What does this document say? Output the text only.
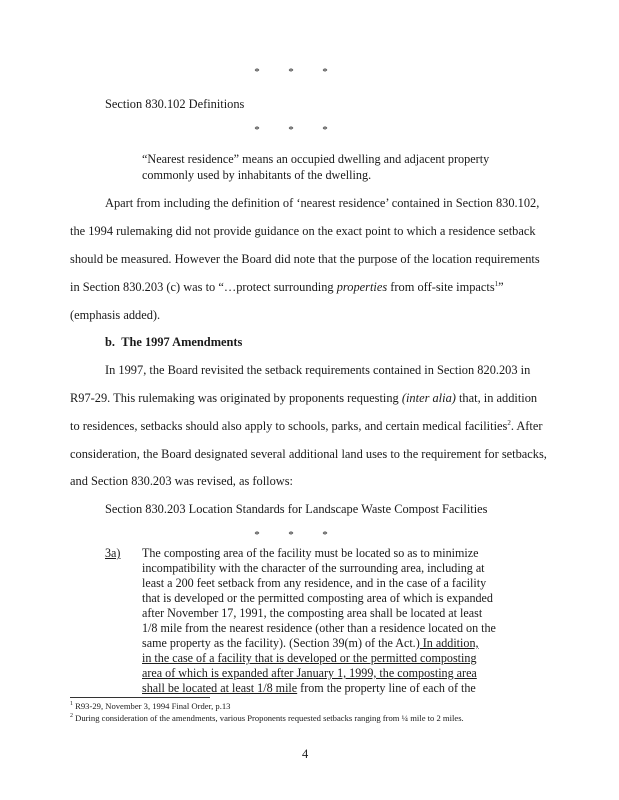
*	*	*
Section 830.102 Definitions
*	*	*
“Nearest residence” means an occupied dwelling and adjacent property
commonly used by inhabitants of the dwelling.
Apart from including the definition of ‘nearest residence’ contained in Section 830.102,
the 1994 rulemaking did not provide guidance on the exact point to which a residence setback
should be measured. However the Board did note that the purpose of the location requirements
in Section 830.203 (c) was to “…protect surrounding properties from off-site impacts$^1$”
(emphasis added).
b. The 1997 Amendments
In 1997, the Board revisited the setback requirements contained in Section 820.203 in
R97-29. This rulemaking was originated by proponents requesting (inter alia) that, in addition
to residences, setbacks should also apply to schools, parks, and certain medical facilities$^2$. After
consideration, the Board designated several additional land uses to the requirement for setbacks,
and Section 830.203 was revised, as follows:
Section 830.203 Location Standards for Landscape Waste Compost Facilities
*	*	*
3a) The composting area of the facility must be located so as to minimize
incompatibility with the character of the surrounding area, including at
least a 200 feet setback from any residence, and in the case of a facility
that is developed or the permitted composting area of which is expanded
after November 17, 1991, the composting area shall be located at least
1/8 mile from the nearest residence (other than a residence located on the
same property as the facility). (Section 39(m) of the Act.) In addition,
in the case of a facility that is developed or the permitted composting
area of which is expanded after January 1, 1999, the composting area
shall be located at least 1/8 mile from the property line of each of the
$^1$ R93-29, November 3, 1994 Final Order, p.13
$^2$ During consideration of the amendments, various Proponents requested setbacks ranging from ¼ mile to 2 miles.
4
